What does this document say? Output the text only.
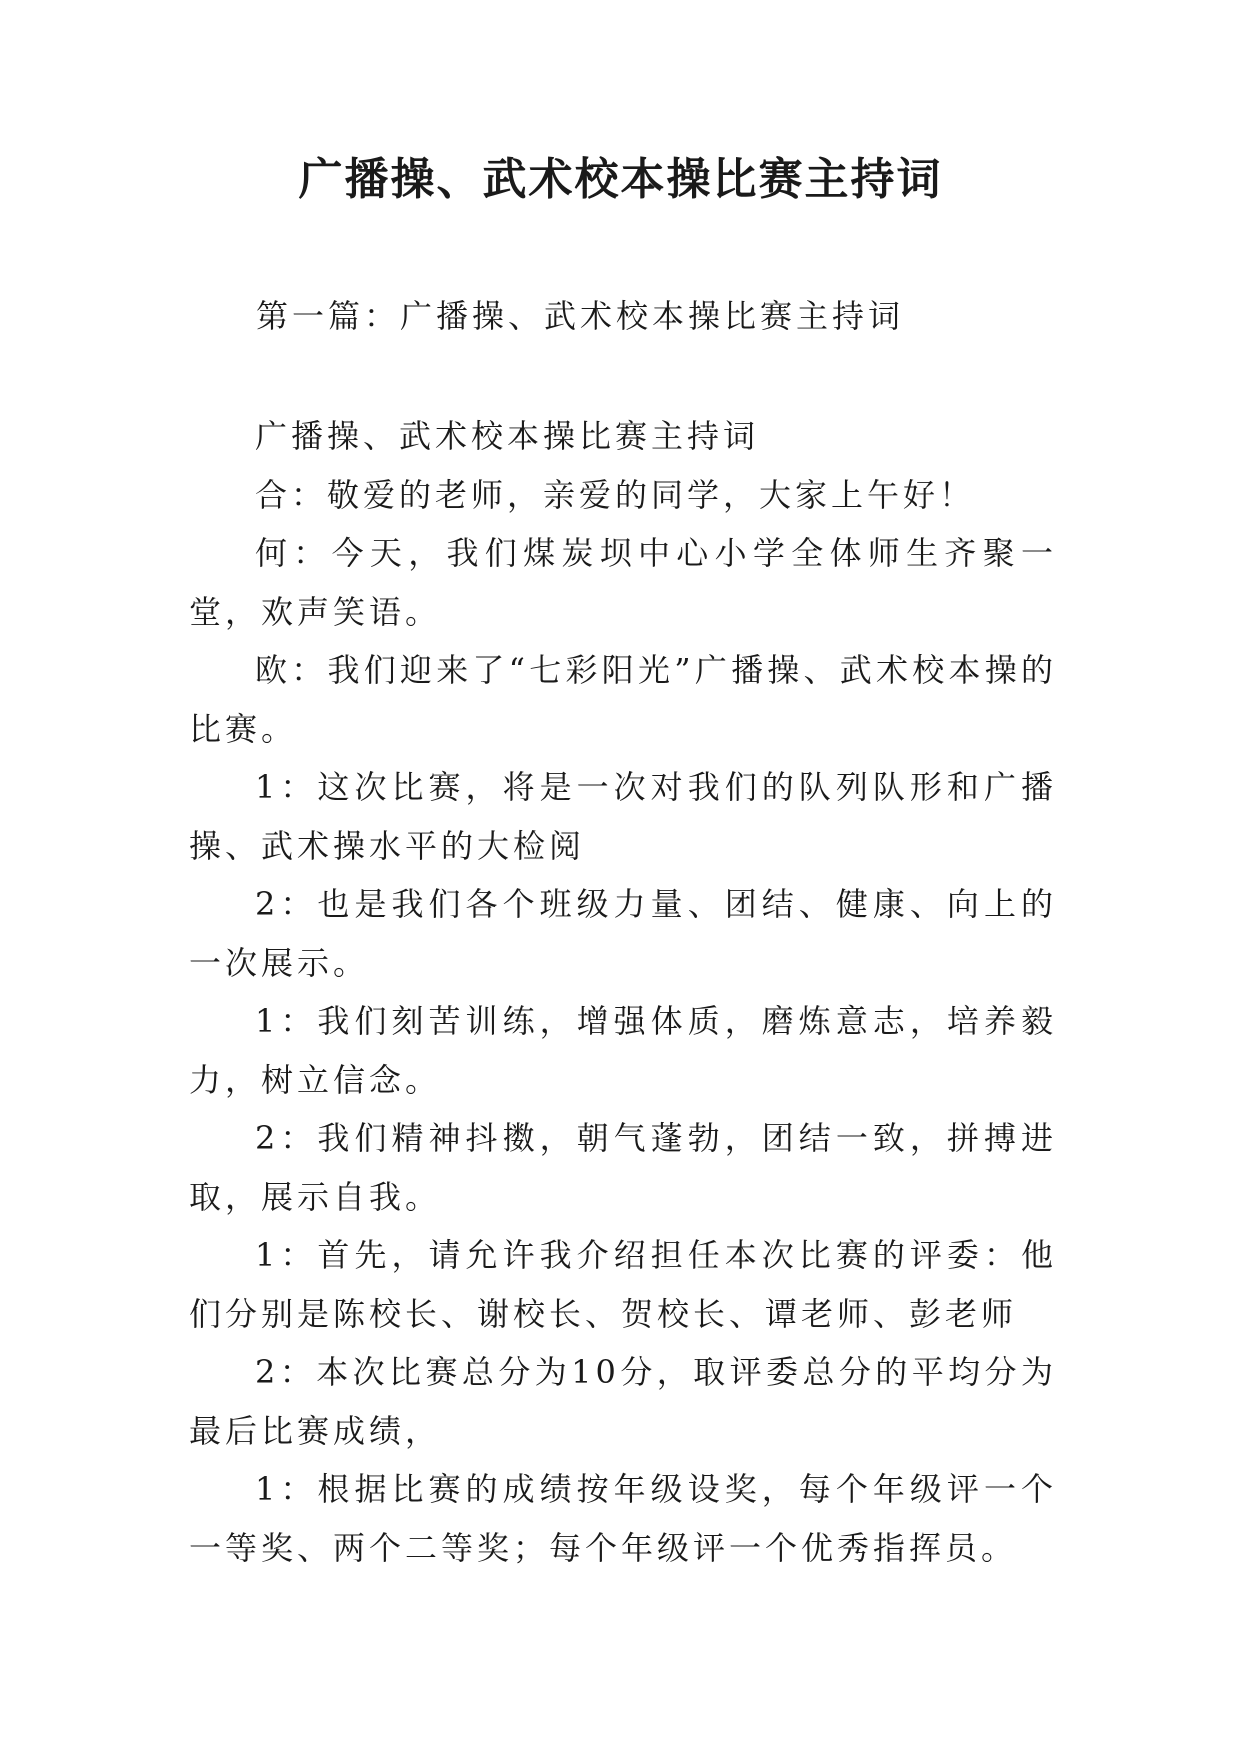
广播操、武术校本操比赛主持词

第一篇：广播操、武术校本操比赛主持词

广播操、武术校本操比赛主持词

合：敬爱的老师，亲爱的同学，大家上午好！

何：今天，我们煤炭坝中心小学全体师生齐聚一堂，欢声笑语。

欧：我们迎来了“七彩阳光”广播操、武术校本操的比赛。

1：这次比赛，将是一次对我们的队列队形和广播操、武术操水平的大检阅

2：也是我们各个班级力量、团结、健康、向上的一次展示。

1：我们刻苦训练，增强体质，磨炼意志，培养毅力，树立信念。

2：我们精神抖擞，朝气蓬勃，团结一致，拼搏进取，展示自我。

1：首先，请允许我介绍担任本次比赛的评委：他们分别是陈校长、谢校长、贺校长、谭老师、彭老师

2：本次比赛总分为10分，取评委总分的平均分为最后比赛成绩，

1：根据比赛的成绩按年级设奖，每个年级评一个一等奖、两个二等奖；每个年级评一个优秀指挥员。
